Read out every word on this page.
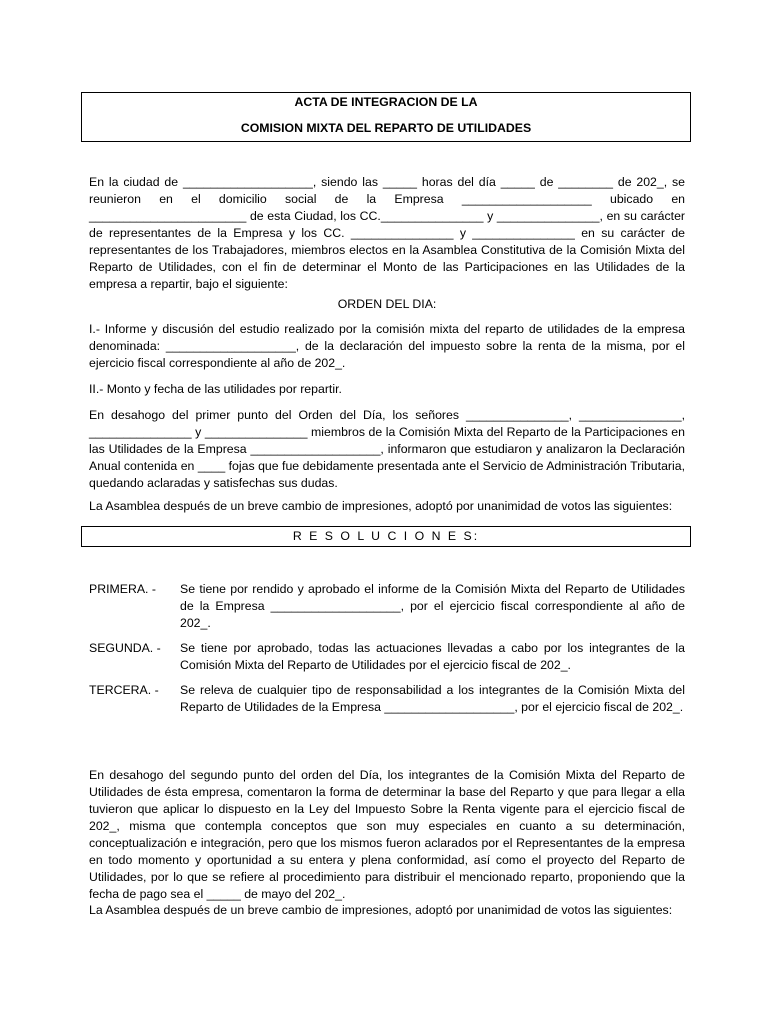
ACTA DE INTEGRACION DE LA
COMISION MIXTA DEL REPARTO DE UTILIDADES

En la ciudad de ___________________, siendo las _____ horas del día _____ de ________ de 202_, se reunieron en el domicilio social de la Empresa ___________________ ubicado en _______________________ de esta Ciudad, los CC._______________ y _______________, en su carácter de representantes de la Empresa y los CC. _______________ y _______________ en su carácter de representantes de los Trabajadores, miembros electos en la Asamblea Constitutiva de la Comisión Mixta del Reparto de Utilidades, con el fin de determinar el Monto de las Participaciones en las Utilidades de la empresa a repartir, bajo el siguiente:

ORDEN DEL DIA:

I.- Informe y discusión del estudio realizado por la comisión mixta del reparto de utilidades de la empresa denominada: ___________________, de la declaración del impuesto sobre la renta de la misma, por el ejercicio fiscal correspondiente al año de 202_.

II.- Monto y fecha de las utilidades por repartir.

En desahogo del primer punto del Orden del Día, los señores _______________, _______________, _______________ y _______________ miembros de la Comisión Mixta del Reparto de la Participaciones en las Utilidades de la Empresa ___________________, informaron que estudiaron y analizaron la Declaración Anual contenida en ____ fojas que fue debidamente presentada ante el Servicio de Administración Tributaria, quedando aclaradas y satisfechas sus dudas.

La Asamblea después de un breve cambio de impresiones, adoptó por unanimidad de votos las siguientes:

R E S O L U C I O N E S:
PRIMERA. - Se tiene por rendido y aprobado el informe de la Comisión Mixta del Reparto de Utilidades de la Empresa ___________________, por el ejercicio fiscal correspondiente al año de 202_.
SEGUNDA. - Se tiene por aprobado, todas las actuaciones llevadas a cabo por los integrantes de la Comisión Mixta del Reparto de Utilidades por el ejercicio fiscal de 202_.
TERCERA. - Se releva de cualquier tipo de responsabilidad a los integrantes de la Comisión Mixta del Reparto de Utilidades de la Empresa ___________________, por el ejercicio fiscal de 202_.

En desahogo del segundo punto del orden del Día, los integrantes de la Comisión Mixta del Reparto de Utilidades de ésta empresa, comentaron la forma de determinar la base del Reparto y que para llegar a ella tuvieron que aplicar lo dispuesto en la Ley del Impuesto Sobre la Renta vigente para el ejercicio fiscal de 202_, misma que contempla conceptos que son muy especiales en cuanto a su determinación, conceptualización e integración, pero que los mismos fueron aclarados por el Representantes de la empresa en todo momento y oportunidad a su entera y plena conformidad, así como el proyecto del Reparto de Utilidades, por lo que se refiere al procedimiento para distribuir el mencionado reparto, proponiendo que la fecha de pago sea el _____ de mayo del 202_.

La Asamblea después de un breve cambio de impresiones, adoptó por unanimidad de votos las siguientes:
